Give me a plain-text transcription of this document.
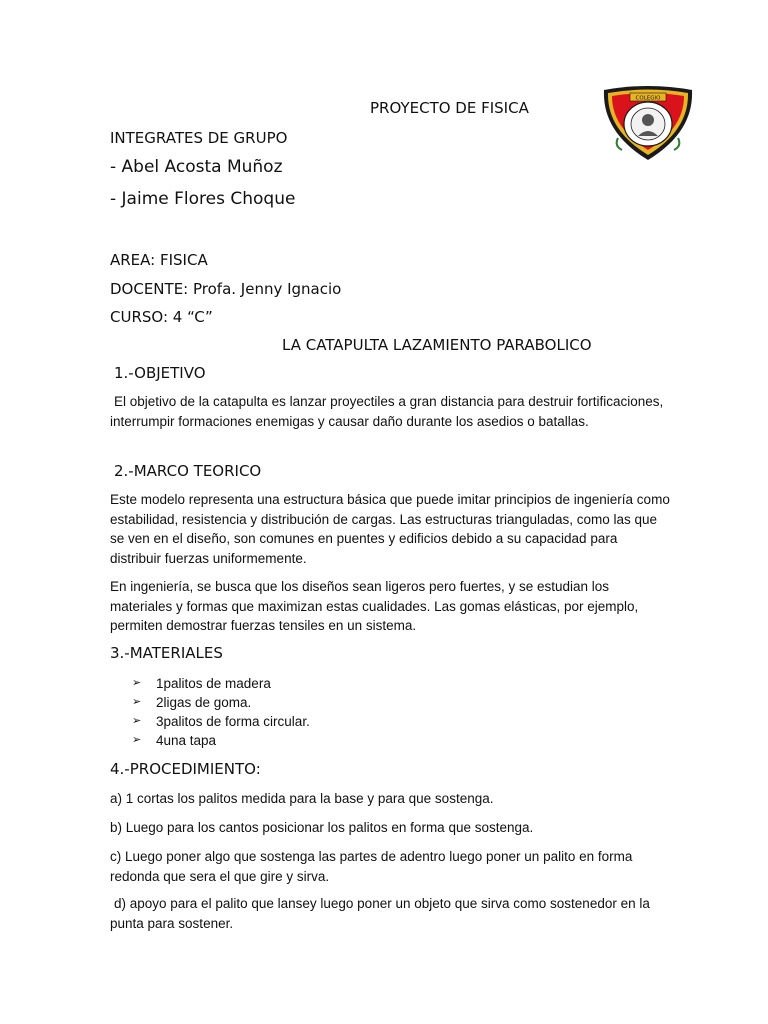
PROYECTO DE FISICA
COLEGIO
INTEGRATES DE GRUPO
- Abel Acosta Muñoz
- Jaime Flores Choque
AREA: FISICA
DOCENTE: Profa. Jenny Ignacio
CURSO: 4 “C”
LA CATAPULTA LAZAMIENTO PARABOLICO
1.-OBJETIVO
El objetivo de la catapulta es lanzar proyectiles a gran distancia para destruir fortificaciones, interrumpir formaciones enemigas y causar daño durante los asedios o batallas.
2.-MARCO TEORICO
Este modelo representa una estructura básica que puede imitar principios de ingeniería como estabilidad, resistencia y distribución de cargas. Las estructuras trianguladas, como las que se ven en el diseño, son comunes en puentes y edificios debido a su capacidad para distribuir fuerzas uniformemente.
En ingeniería, se busca que los diseños sean ligeros pero fuertes, y se estudian los materiales y formas que maximizan estas cualidades. Las gomas elásticas, por ejemplo, permiten demostrar fuerzas tensiles en un sistema.
3.-MATERIALES
➢	1palitos de madera
➢	2ligas de goma.
➢	3palitos de forma circular.
➢	4una tapa
4.-PROCEDIMIENTO:
a) 1 cortas los palitos medida para la base y para que sostenga.
b) Luego para los cantos posicionar los palitos en forma que sostenga.
c) Luego poner algo que sostenga las partes de adentro luego poner un palito en forma redonda que sera el que gire y sirva.
d) apoyo para el palito que lansey luego poner un objeto que sirva como sostenedor en la punta para sostener.
